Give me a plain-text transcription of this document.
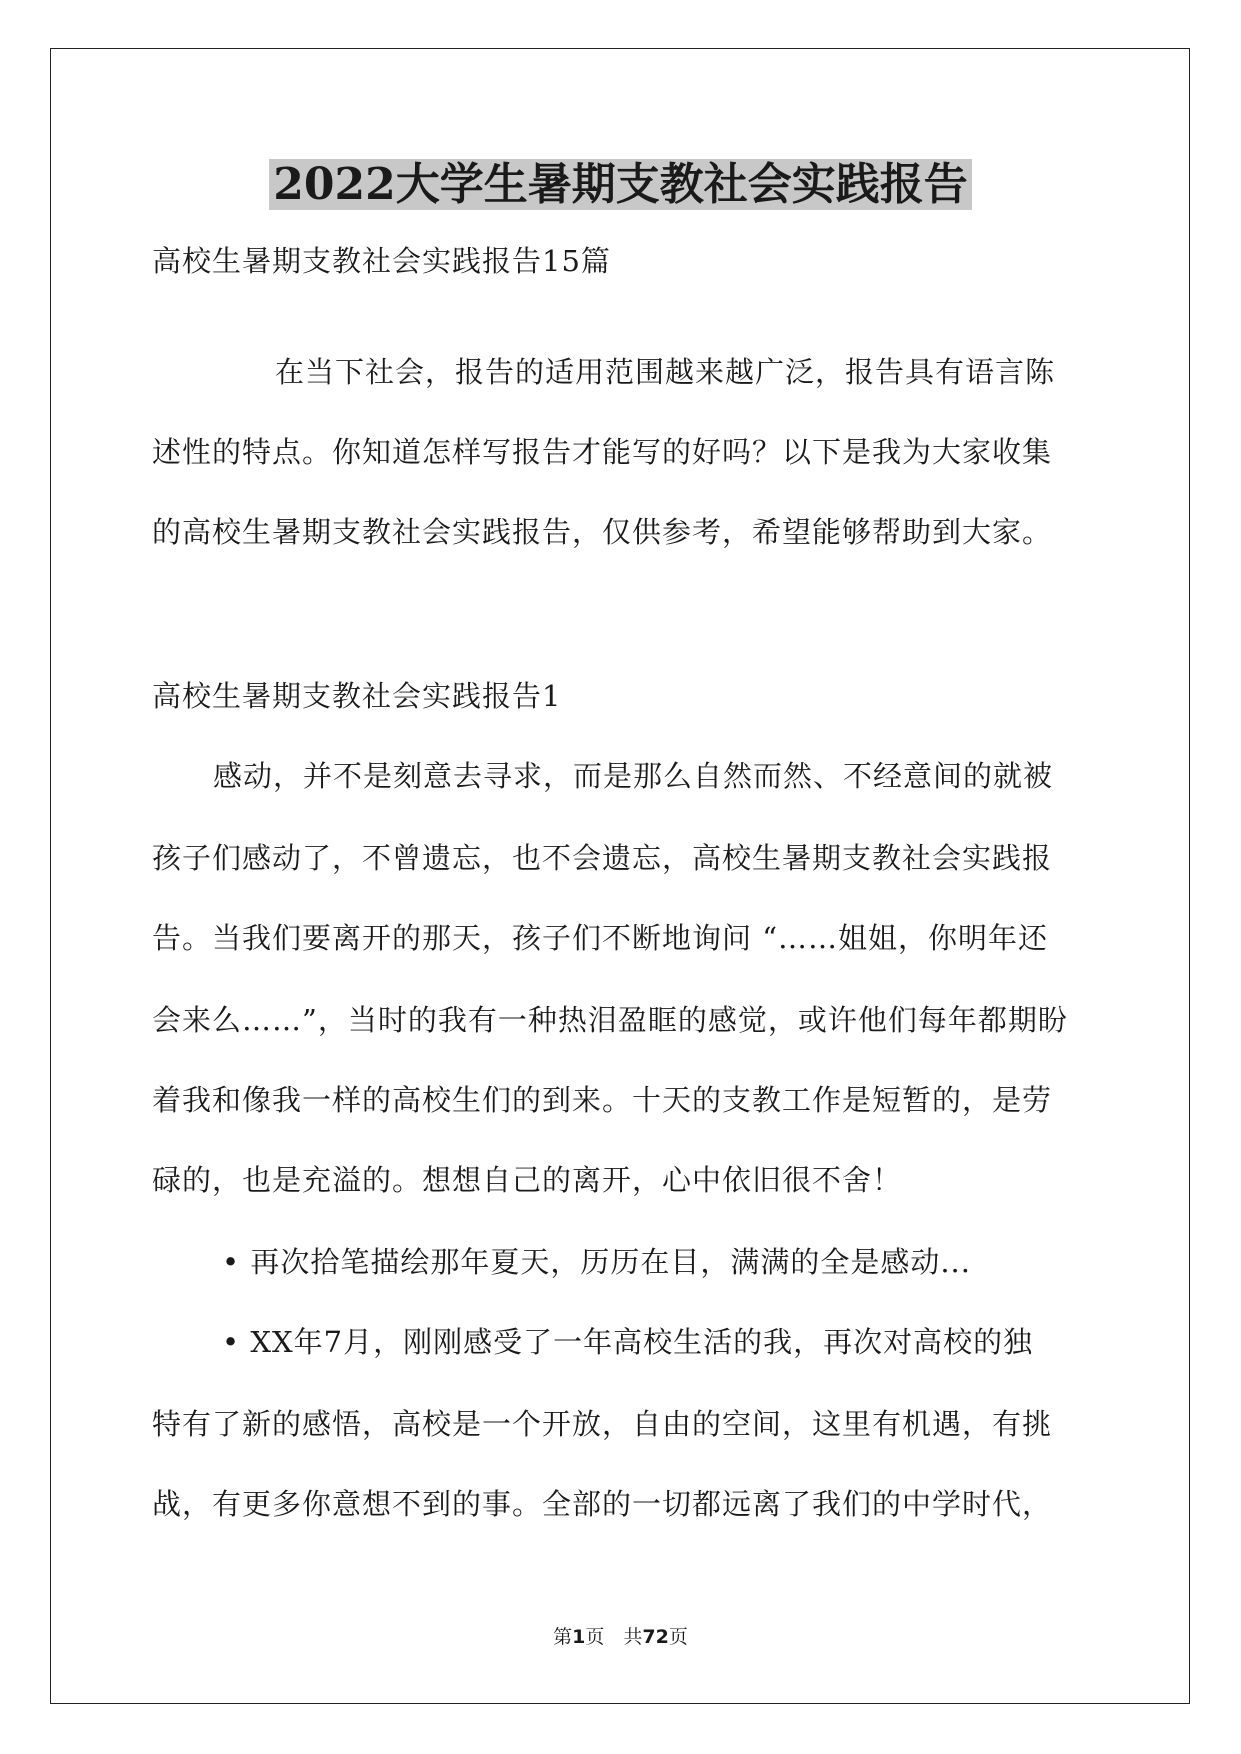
2022大学生暑期支教社会实践报告

高校生暑期支教社会实践报告15篇

在当下社会，报告的适用范围越来越广泛，报告具有语言陈

述性的特点。你知道怎样写报告才能写的好吗？以下是我为大家收集

的高校生暑期支教社会实践报告，仅供参考，希望能够帮助到大家。

高校生暑期支教社会实践报告1

感动，并不是刻意去寻求，而是那么自然而然、不经意间的就被

孩子们感动了，不曾遗忘，也不会遗忘，高校生暑期支教社会实践报

告。当我们要离开的那天，孩子们不断地询问 “……姐姐，你明年还

会来么……”，当时的我有一种热泪盈眶的感觉，或许他们每年都期盼

着我和像我一样的高校生们的到来。十天的支教工作是短暂的，是劳

碌的，也是充溢的。想想自己的离开，心中依旧很不舍！

• 再次拾笔描绘那年夏天，历历在目，满满的全是感动...

• XX年7月，刚刚感受了一年高校生活的我，再次对高校的独

特有了新的感悟，高校是一个开放，自由的空间，这里有机遇，有挑

战，有更多你意想不到的事。全部的一切都远离了我们的中学时代，

第1页　共72页
